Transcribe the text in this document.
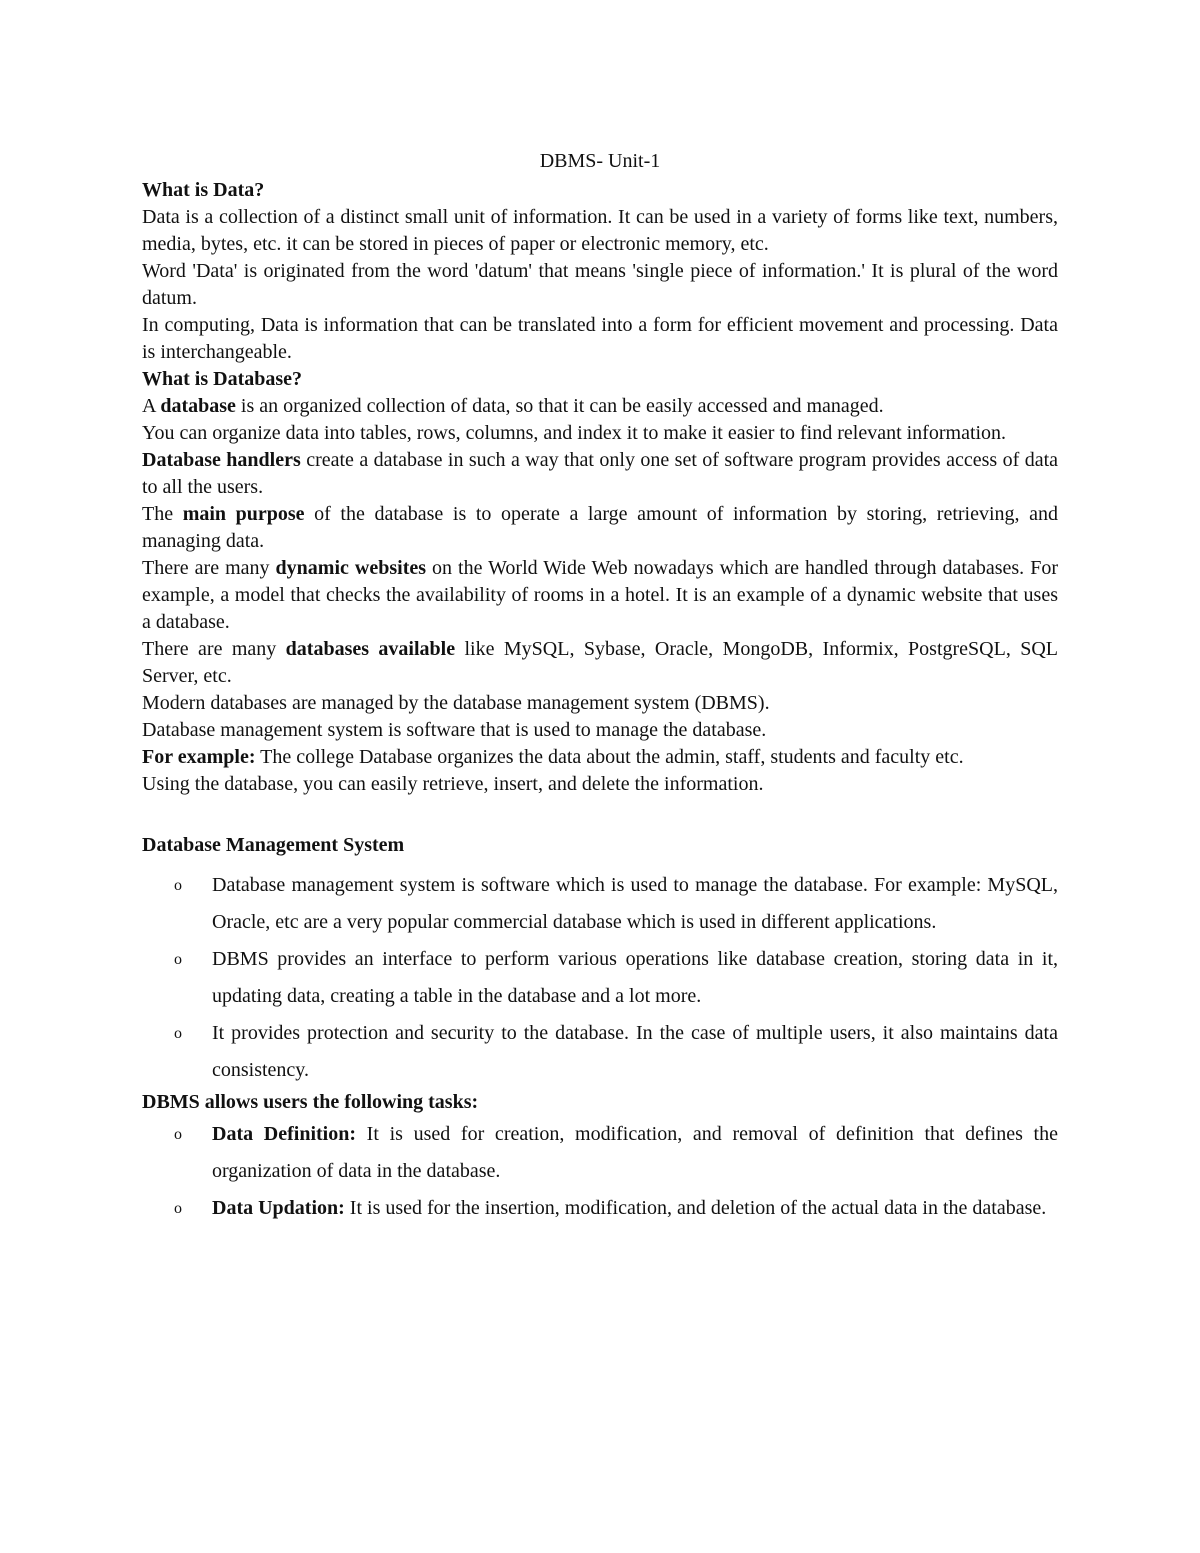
DBMS- Unit-1
What is Data?

Data is a collection of a distinct small unit of information. It can be used in a variety of forms like text, numbers, media, bytes, etc. it can be stored in pieces of paper or electronic memory, etc.

Word 'Data' is originated from the word 'datum' that means 'single piece of information.' It is plural of the word datum.

In computing, Data is information that can be translated into a form for efficient movement and processing. Data is interchangeable.

What is Database?

A database is an organized collection of data, so that it can be easily accessed and managed.

You can organize data into tables, rows, columns, and index it to make it easier to find relevant information.

Database handlers create a database in such a way that only one set of software program provides access of data to all the users.

The main purpose of the database is to operate a large amount of information by storing, retrieving, and managing data.

There are many dynamic websites on the World Wide Web nowadays which are handled through databases. For example, a model that checks the availability of rooms in a hotel. It is an example of a dynamic website that uses a database.

There are many databases available like MySQL, Sybase, Oracle, MongoDB, Informix, PostgreSQL, SQL Server, etc.

Modern databases are managed by the database management system (DBMS).

Database management system is software that is used to manage the database.

For example: The college Database organizes the data about the admin, staff, students and faculty etc.

Using the database, you can easily retrieve, insert, and delete the information.

Database Management System
o Database management system is software which is used to manage the database. For example: MySQL, Oracle, etc are a very popular commercial database which is used in different applications.
o DBMS provides an interface to perform various operations like database creation, storing data in it, updating data, creating a table in the database and a lot more.
o It provides protection and security to the database. In the case of multiple users, it also maintains data consistency.
DBMS allows users the following tasks:
o Data Definition: It is used for creation, modification, and removal of definition that defines the organization of data in the database.
o Data Updation: It is used for the insertion, modification, and deletion of the actual data in the database.
